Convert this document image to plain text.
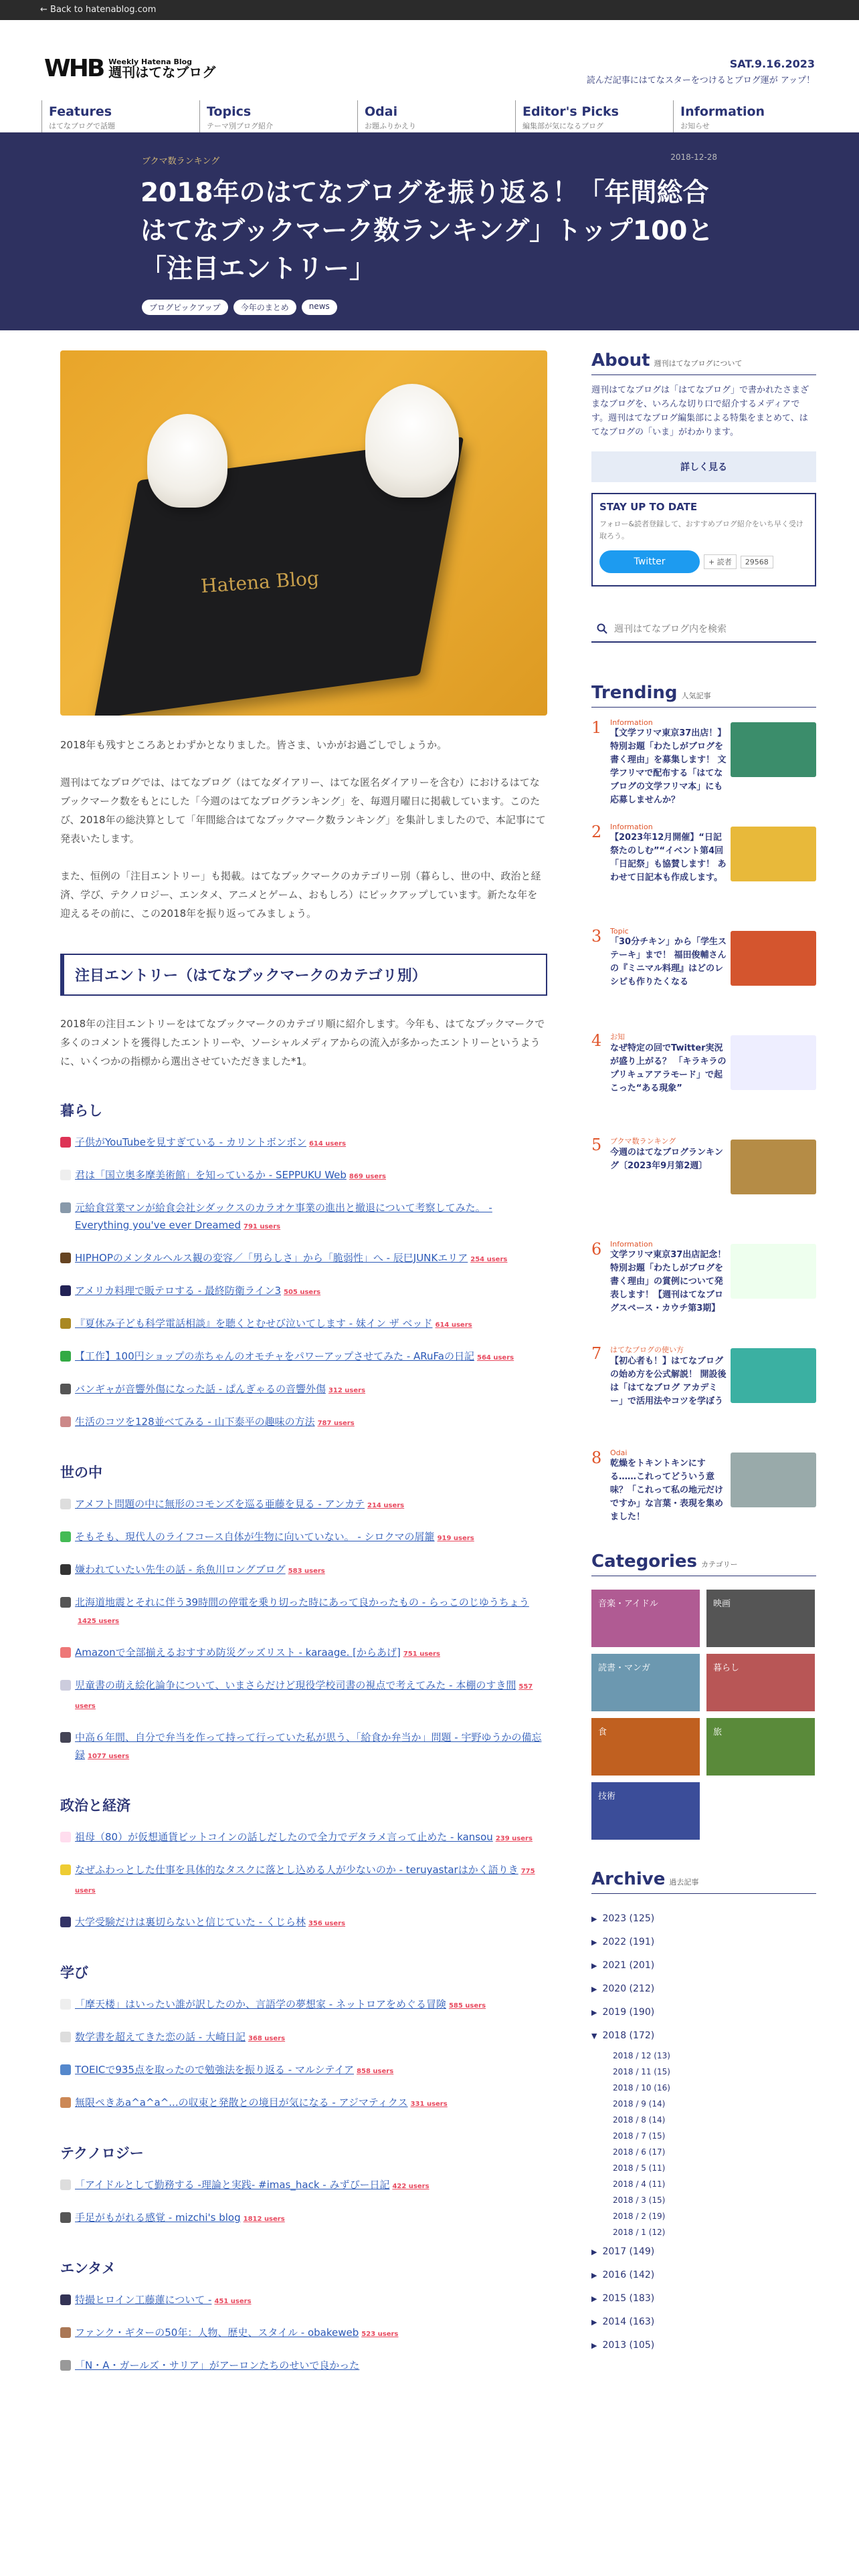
← Back to hatenablog.com
WHB Weekly Hatena Blog
週刊はてなブログ
SAT.9.16.2023
読んだ記事にはてなスターをつけるとブログ運が アップ！
Features
はてなブログで話題
Topics
テーマ別ブログ紹介
Odai
お題ふりかえり
Editor's Picks
編集部が気になるブログ
Information
お知らせ
ブクマ数ランキング	2018-12-28
2018年のはてなブログを振り返る！「年間総合はてなブックマーク数ランキング」トップ100と「注目エントリー」
ブログピックアップ	今年のまとめ	news
Hatena Blog

2018年も残すところあとわずかとなりました。皆さま、いかがお過ごしでしょうか。

週刊はてなブログでは、はてなブログ（はてなダイアリー、はてな匿名ダイアリーを含む）におけるはてなブックマーク数をもとにした「今週のはてなブログランキング」を、毎週月曜日に掲載しています。このたび、2018年の総決算として「年間総合はてなブックマーク数ランキング」を集計しましたので、本記事にて発表いたします。

また、恒例の「注目エントリー」も掲載。はてなブックマークのカテゴリー別（暮らし、世の中、政治と経済、学び、テクノロジー、エンタメ、アニメとゲーム、おもしろ）にピックアップしています。新たな年を迎えるその前に、この2018年を振り返ってみましょう。

注目エントリー（はてなブックマークのカテゴリ別）

2018年の注目エントリーをはてなブックマークのカテゴリ順に紹介します。今年も、はてなブックマークで多くのコメントを獲得したエントリーや、ソーシャルメディアからの流入が多かったエントリーというように、いくつかの指標から選出させていただきました*1。

暮らし
子供がYouTubeを見すぎている - カリントボンボン 614 users
君は「国立奥多摩美術館」を知っているか - SEPPUKU Web 869 users
元給食営業マンが給食会社シダックスのカラオケ事業の進出と撤退について考察してみた。 - Everything you've ever Dreamed 791 users
HIPHOPのメンタルヘルス観の変容／「男らしさ」から「脆弱性」へ - 辰巳JUNKエリア 254 users
アメリカ料理で販テロする - 最終防衛ライン3 505 users
『夏休み子ども科学電話相談』を聴くとむせび泣いてします - 妹イン ザ ベッド 614 users
【工作】100円ショップの赤ちゃんのオモチャをパワーアップさせてみた - ARuFaの日記 564 users
バンギャが音響外傷になった話 - ぱんぎゃるの音響外傷 312 users
生活のコツを128並べてみる - 山下泰平の趣味の方法 787 users
世の中
アメフト問題の中に無形のコモンズを巡る亜藤を見る - アンカテ 214 users
そもそも、現代人のライフコース自体が生物に向いていない。 - シロクマの屑籠 919 users
嫌われていたい先生の話 - 糸魚川ロングブログ 583 users
北海道地震とそれに伴う39時間の停電を乗り切った時にあって良かったもの - らっこのじゆうちょう1425 users
Amazonで全部揃えるおすすめ防災グッズリスト - karaage. [からあげ] 751 users
児童書の萌え絵化論争について、いまさらだけど現役学校司書の視点で考えてみた - 本棚のすき間 557 users
中高６年間、自分で弁当を作って持って行っていた私が思う、「給食か弁当か」問題 - 宇野ゆうかの備忘録 1077 users
政治と経済
祖母（80）が仮想通貨ビットコインの話しだしたので全力でデタラメ言って止めた - kansou 239 users
なぜふわっとした仕事を具体的なタスクに落とし込める人が少ないのか - teruyastarはかく語りき 775 users
大学受験だけは裏切らないと信じていた - くじら林 356 users
学び
「摩天楼」はいったい誰が訳したのか、言語学の夢想家 - ネットロアをめぐる冒険 585 users
数学書を超えてきた恋の話 - 大崎日記 368 users
TOEICで935点を取ったので勉強法を振り返る - マルシテイア 858 users
無限ペきあa^a^a^...の収束と発散との境目が気になる - アジマティクス 331 users
テクノロジー
「アイドルとして勤務する -理論と実践- #imas_hack - みずぴー日記 422 users
手足がもがれる感覚 - mizchi's blog 1812 users
エンタメ
特撮ヒロイン工藤蓮について - 451 users
ファンク・ギターの50年：人物、歴史、スタイル - obakeweb 523 users
「N・A・ガールズ・サリア」がアーロンたちのせいで良かった
About 週刊はてなブログについて

週刊はてなブログは「はてなブログ」で書かれたさまざまなブログを、いろんな切り口で紹介するメディアです。週刊はてなブログ編集部による特集をまとめて、はてなブログの「いま」がわかります。

詳しく見る
STAY UP TO DATE
フォロー&読者登録して、おすすめブログ紹介をいち早く受け取ろう。
Twitter	+ 読者	29568
週刊はてなブログ内を検索
Trending 人気記事
1	Information
【文学フリマ東京37出店！】特別お題「わたしがブログを書く理由」を募集します！ 文学フリマで配布する「はてなブログの文学フリマ本」にも応募しませんか？
2	Information
【2023年12月開催】“日記祭たのしむ”“イベント第4回「日記祭」も協賛します！ あわせて日記本も作成します。
3	Topic
「30分チキン」から「学生ステーキ」まで！ 福田俊輔さんの『ミニマル料理』はどのレシピも作りたくなる
4	お知
なぜ特定の回でTwitter実況が盛り上がる？ 「キラキラのプリキュアアラモード」で起こった“ある現象”
5	ブクマ数ランキング
今週のはてなブログランキング〔2023年9月第2週〕
6	Information
文学フリマ東京37出店記念！ 特別お題「わたしがブログを書く理由」の賞例について発表します！【週刊はてなブログスペース・カウチ第3期】
7	はてなブログの使い方
【初心者も！】はてなブログの始め方を公式解説！ 開設後は「はてなブログ アカデミー」で活用法やコツを学ぼう
8	Odai
乾燥をトキントキンにする……これってどういう意味？「これって私の地元だけですか」な言葉・表現を集めました！
Categories カテゴリー
音楽・アイドル	映画
読書・マンガ	暮らし
食	旅
技術
Archive 過去記事
▶ 2023 (125)
▶ 2022 (191)
▶ 2021 (201)
▶ 2020 (212)
▶ 2019 (190)
▼ 2018 (172)
2018 / 12 (13)
2018 / 11 (15)
2018 / 10 (16)
2018 / 9 (14)
2018 / 8 (14)
2018 / 7 (15)
2018 / 6 (17)
2018 / 5 (11)
2018 / 4 (11)
2018 / 3 (15)
2018 / 2 (19)
2018 / 1 (12)
▶ 2017 (149)
▶ 2016 (142)
▶ 2015 (183)
▶ 2014 (163)
▶ 2013 (105)
